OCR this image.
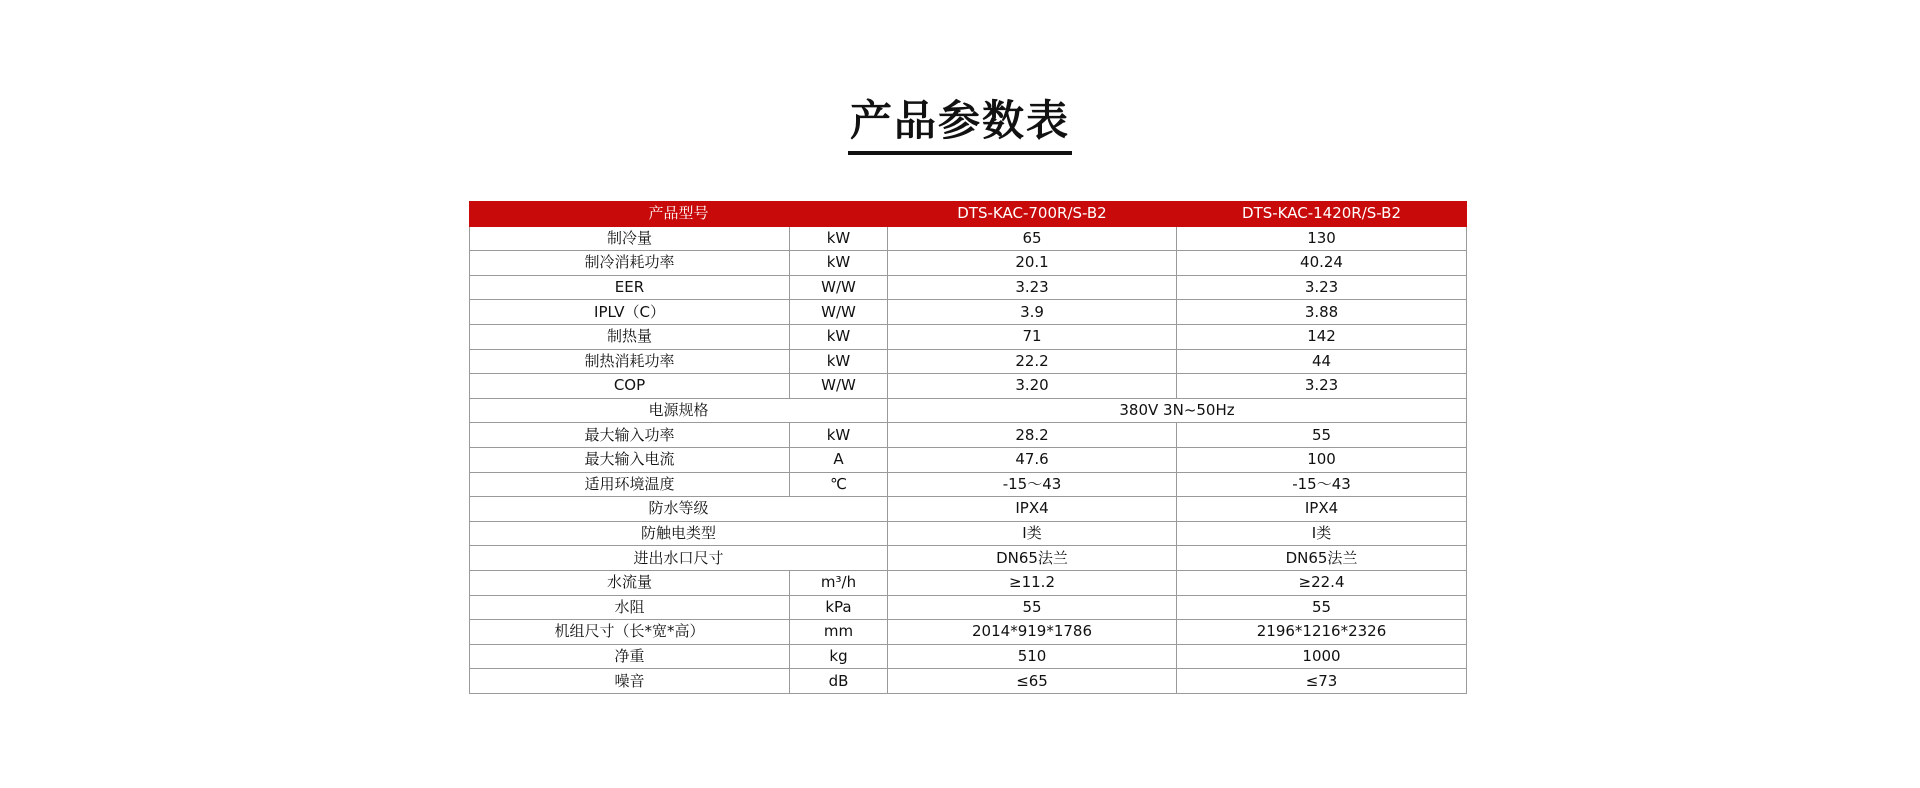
产品参数表
产品型号		DTS-KAC-700R/S-B2	DTS-KAC-1420R/S-B2
制冷量	kW	65	130
制冷消耗功率	kW	20.1	40.24
EER	W/W	3.23	3.23
IPLV（C）	W/W	3.9	3.88
制热量	kW	71	142
制热消耗功率	kW	22.2	44
COP	W/W	3.20	3.23
电源规格		380V 3N~50Hz	
最大输入功率	kW	28.2	55
最大输入电流	A	47.6	100
适用环境温度	℃	-15～43	-15～43
防水等级		IPX4	IPX4
防触电类型		Ⅰ类	Ⅰ类
进出水口尺寸		DN65法兰	DN65法兰
水流量	m³/h	≥11.2	≥22.4
水阻	kPa	55	55
机组尺寸（长*宽*高）	mm	2014*919*1786	2196*1216*2326
净重	kg	510	1000
噪音	dB	≤65	≤73
